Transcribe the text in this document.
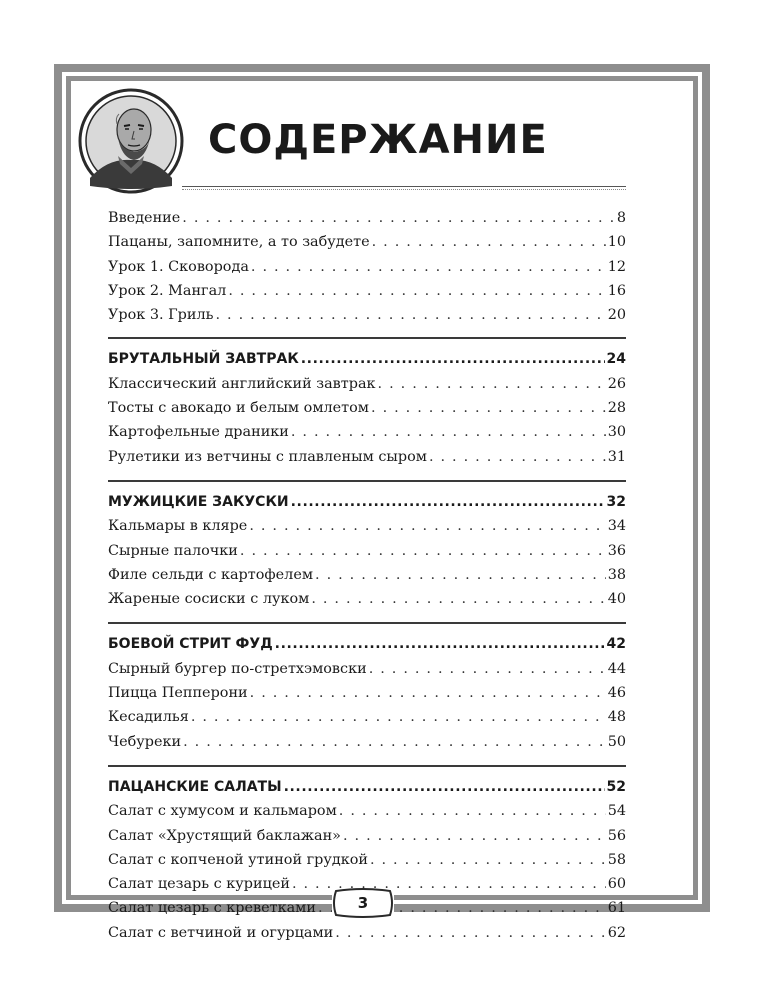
СОДЕРЖАНИЕ
Введение . . .	8
Пацаны, запомните, а то забудете . . .	10
Урок 1. Сковорода . . .	12
Урок 2. Мангал . . .	16
Урок 3. Гриль . . .	20
БРУТАЛЬНЫЙ ЗАВТРАК .....	24
Классический английский завтрак . . .	26
Тосты с авокадо и белым омлетом . . .	28
Картофельные драники . . .	30
Рулетики из ветчины с плавленым сыром . . .	31
МУЖИЦКИЕ ЗАКУСКИ .....	32
Кальмары в кляре . . .	34
Сырные палочки . . .	36
Филе сельди с картофелем . . .	38
Жареные сосиски с луком . . .	40
БОЕВОЙ СТРИТ ФУД .....	42
Сырный бургер по-стретхэмовски . . .	44
Пицца Пепперони . . .	46
Кесадилья . . .	48
Чебуреки . . .	50
ПАЦАНСКИЕ САЛАТЫ .....	52
Салат с хумусом и кальмаром . . .	54
Салат «Хрустящий баклажан» . . .	56
Салат с копченой утиной грудкой . . .	58
Салат цезарь с курицей . . .	60
Салат цезарь с креветками . . .	61
Салат с ветчиной и огурцами . . .	62
3
